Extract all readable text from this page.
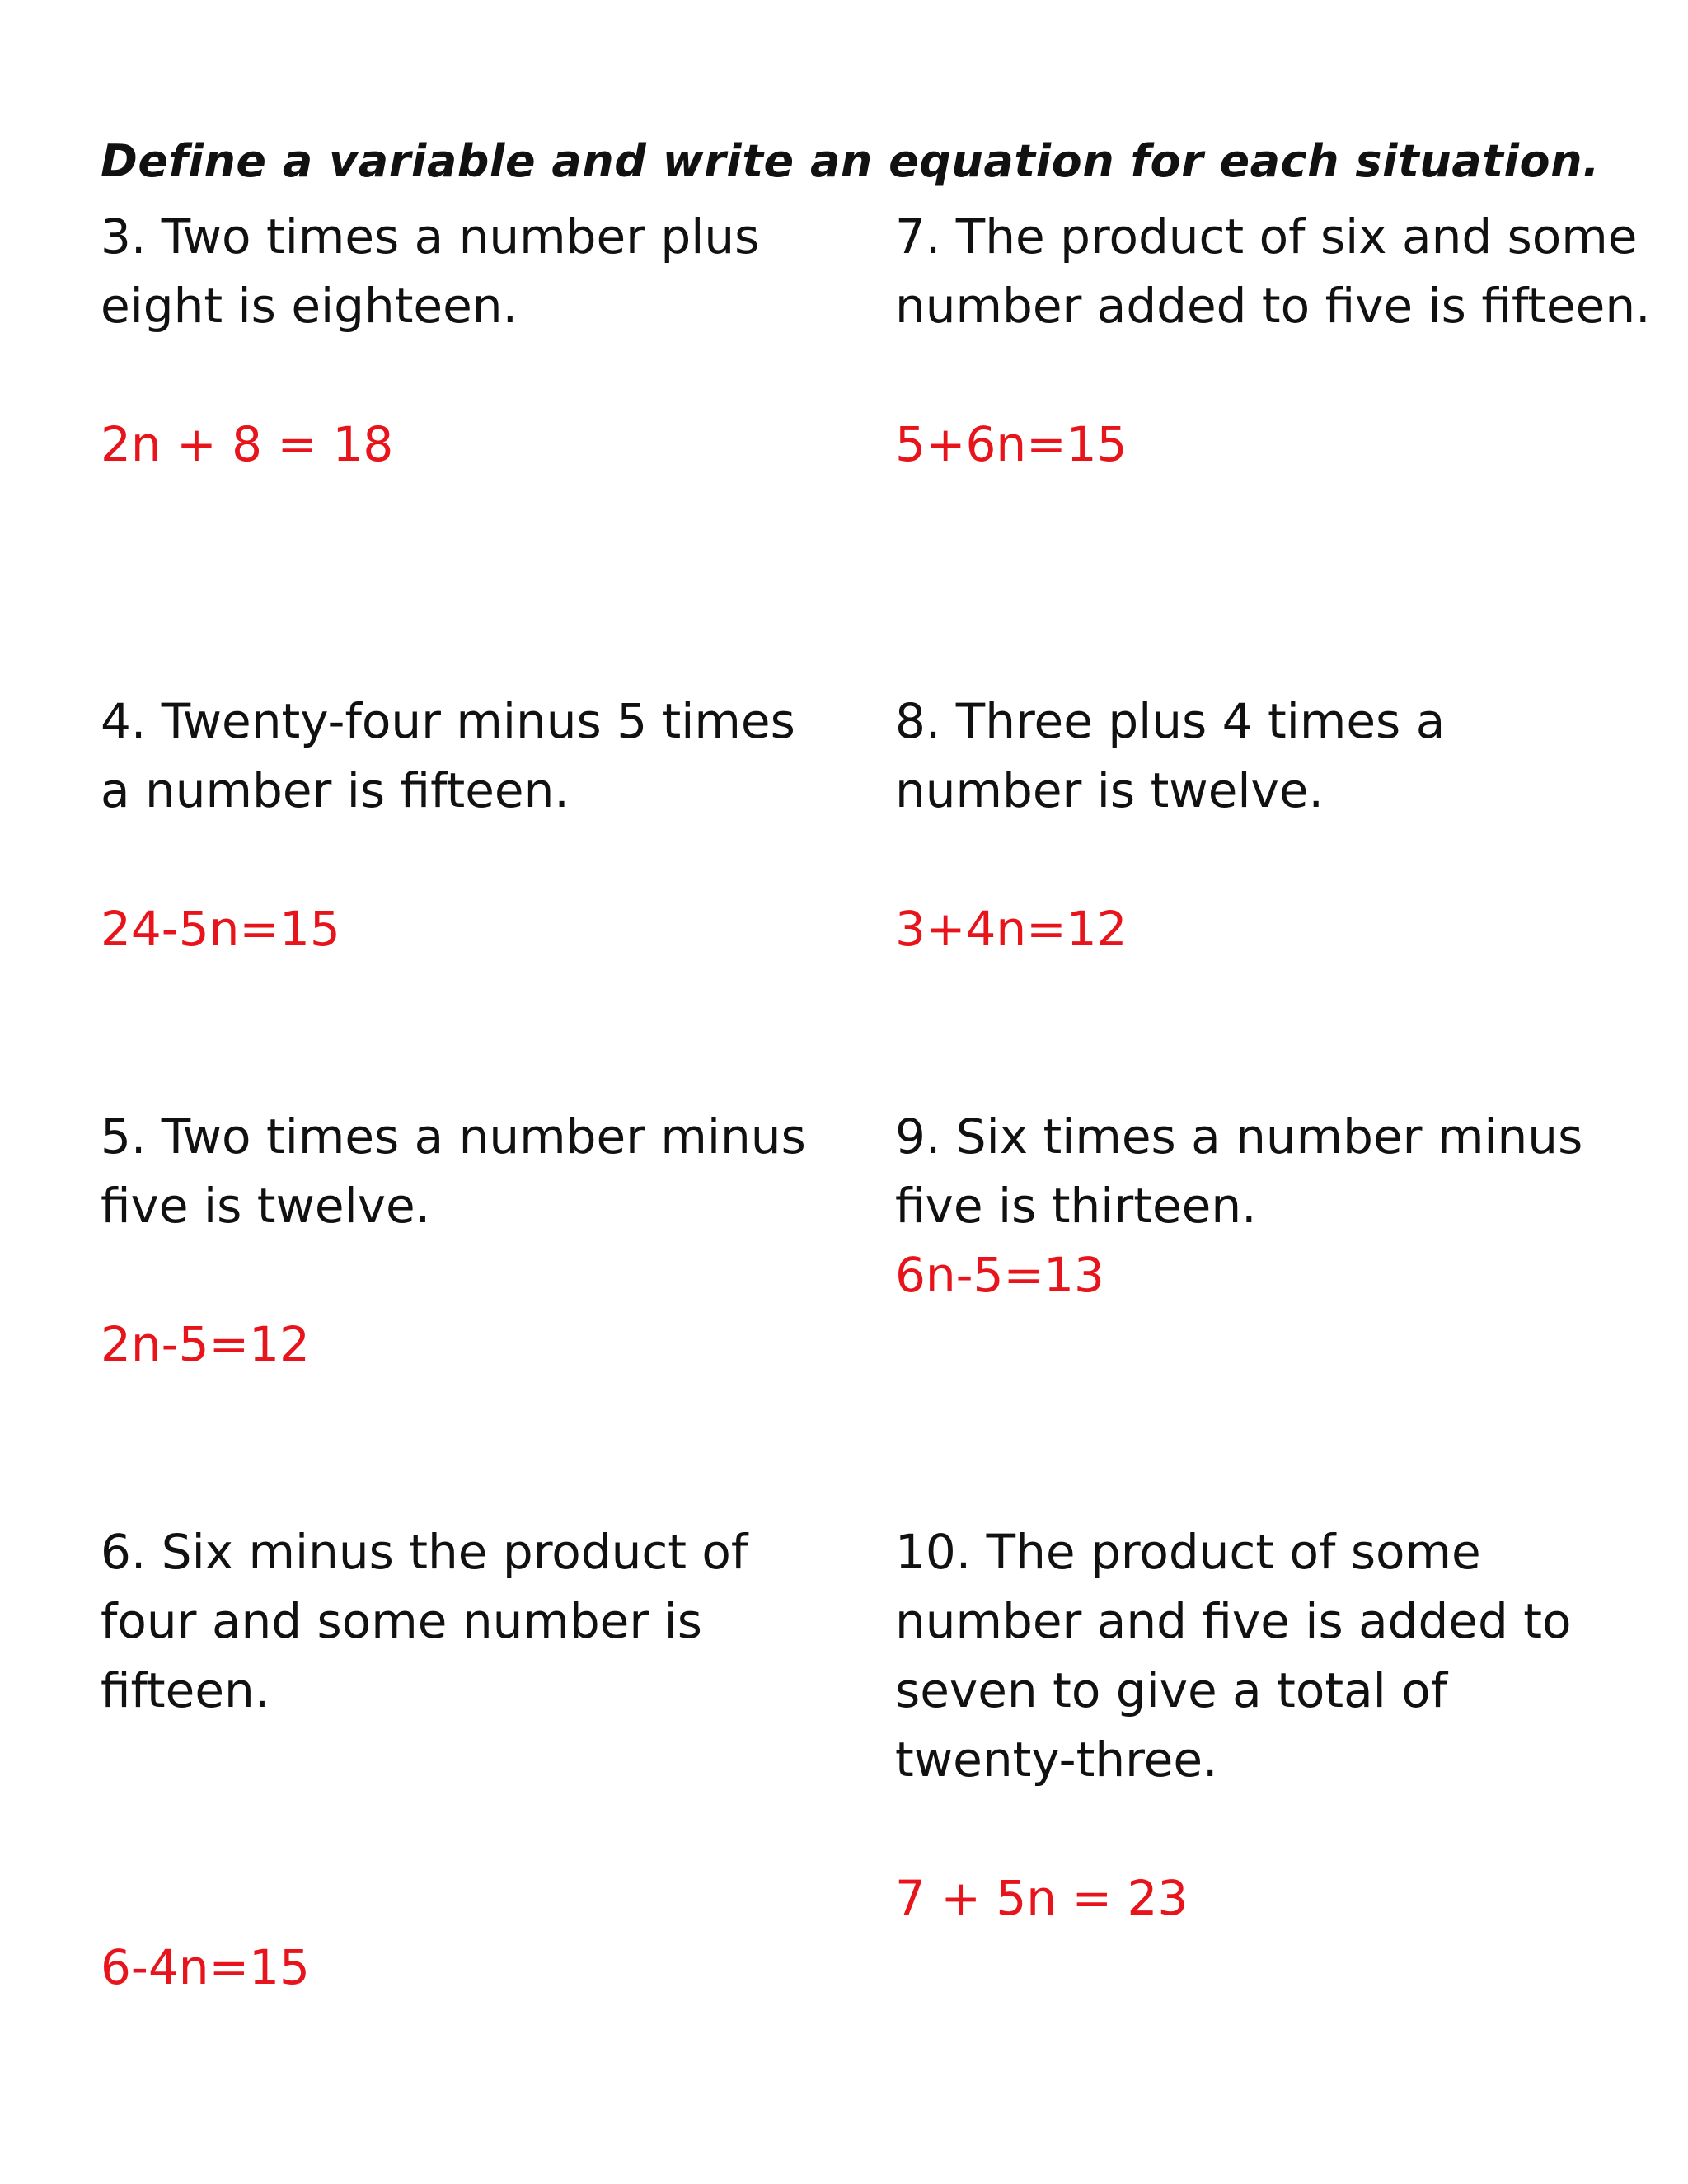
Define a variable and write an equation for each situation.
3. Two times a number plus
eight is eighteen.
2n + 8 = 18
4. Twenty-four minus 5 times
a number is fifteen.
24-5n=15
5. Two times a number minus
five is twelve.
2n-5=12
6. Six minus the product of
four and some number is
fifteen.
6-4n=15
7. The product of six and some
number added to five is fifteen.
5+6n=15
8. Three plus 4 times a
number is twelve.
3+4n=12
9. Six times a number minus
five is thirteen.
6n-5=13
10. The product of some
number and five is added to
seven to give a total of
twenty-three.
7 + 5n = 23
